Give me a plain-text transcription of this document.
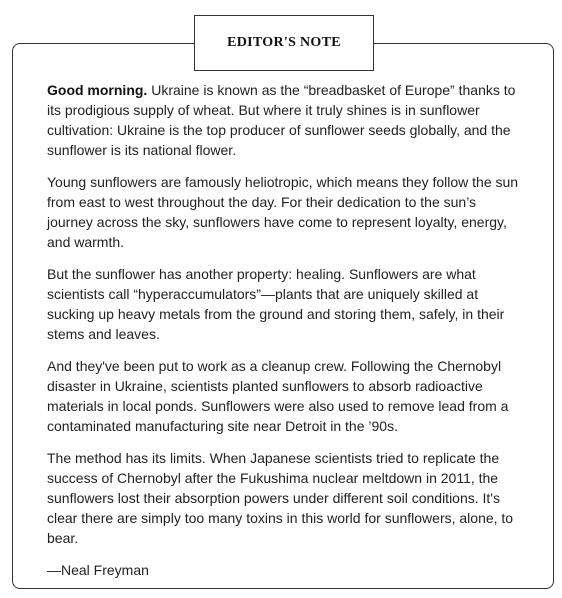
EDITOR'S NOTE

Good morning. Ukraine is known as the “breadbasket of Europe” thanks to its prodigious supply of wheat. But where it truly shines is in sunflower cultivation: Ukraine is the top producer of sunflower seeds globally, and the sunflower is its national flower.

Young sunflowers are famously heliotropic, which means they follow the sun from east to west throughout the day. For their dedication to the sun’s journey across the sky, sunflowers have come to represent loyalty, energy, and warmth.

But the sunflower has another property: healing. Sunflowers are what scientists call “hyperaccumulators”—plants that are uniquely skilled at sucking up heavy metals from the ground and storing them, safely, in their stems and leaves.

And they've been put to work as a cleanup crew. Following the Chernobyl disaster in Ukraine, scientists planted sunflowers to absorb radioactive materials in local ponds. Sunflowers were also used to remove lead from a contaminated manufacturing site near Detroit in the ’90s.

The method has its limits. When Japanese scientists tried to replicate the success of Chernobyl after the Fukushima nuclear meltdown in 2011, the sunflowers lost their absorption powers under different soil conditions. It's clear there are simply too many toxins in this world for sunflowers, alone, to bear.

—Neal Freyman
